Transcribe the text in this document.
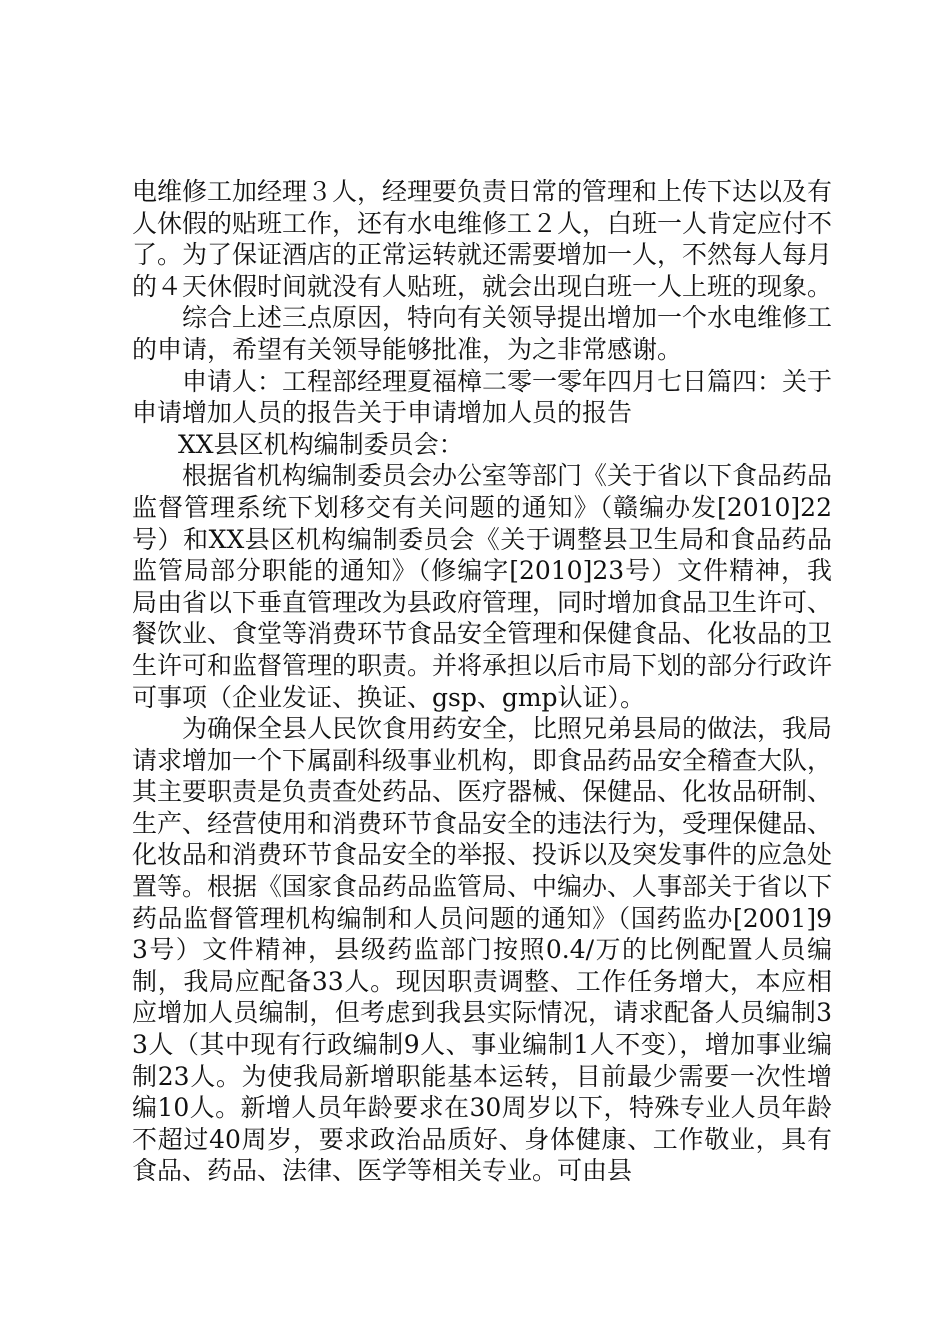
电维修工加经理３人，经理要负责日常的管理和上传下达以及有人休假的贴班工作，还有水电维修工２人，白班一人肯定应付不了。为了保证酒店的正常运转就还需要增加一人，不然每人每月的４天休假时间就没有人贴班，就会出现白班一人上班的现象。

综合上述三点原因，特向有关领导提出增加一个水电维修工的申请，希望有关领导能够批准，为之非常感谢。

申请人：工程部经理夏福樟二零一零年四月七日篇四：关于申请增加人员的报告关于申请增加人员的报告

XX县区机构编制委员会：

根据省机构编制委员会办公室等部门《关于省以下食品药品监督管理系统下划移交有关问题的通知》（赣编办发[2010]22号）和XX县区机构编制委员会《关于调整县卫生局和食品药品监管局部分职能的通知》（修编字[2010]23号）文件精神，我局由省以下垂直管理改为县政府管理，同时增加食品卫生许可、餐饮业、食堂等消费环节食品安全管理和保健食品、化妆品的卫生许可和监督管理的职责。并将承担以后市局下划的部分行政许可事项（企业发证、换证、gsp、gmp认证）。

为确保全县人民饮食用药安全，比照兄弟县局的做法，我局请求增加一个下属副科级事业机构，即食品药品安全稽查大队，其主要职责是负责查处药品、医疗器械、保健品、化妆品研制、生产、经营使用和消费环节食品安全的违法行为，受理保健品、化妆品和消费环节食品安全的举报、投诉以及突发事件的应急处置等。根据《国家食品药品监管局、中编办、人事部关于省以下药品监督管理机构编制和人员问题的通知》（国药监办[2001]93号）文件精神，县级药监部门按照0.4/万的比例配置人员编制，我局应配备33人。现因职责调整、工作任务增大，本应相应增加人员编制，但考虑到我县实际情况，请求配备人员编制33人（其中现有行政编制9人、事业编制1人不变），增加事业编制23人。为使我局新增职能基本运转，目前最少需要一次性增编10人。新增人员年龄要求在30周岁以下，特殊专业人员年龄不超过40周岁，要求政治品质好、身体健康、工作敬业，具有食品、药品、法律、医学等相关专业。可由县
